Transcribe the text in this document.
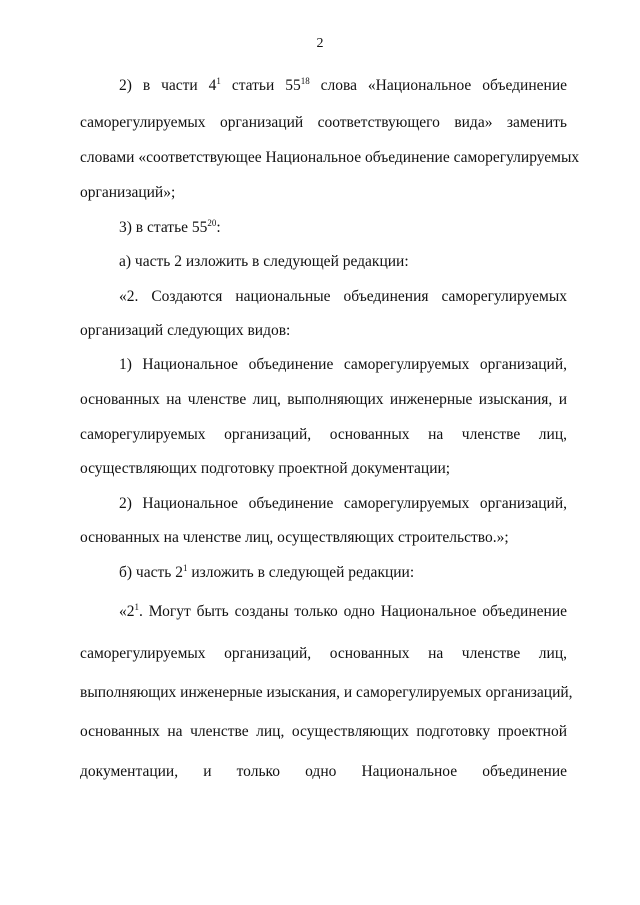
2
2) в части $4^1$ статьи $55^{18}$ слова «Национальное объединение
саморегулируемых организаций соответствующего вида» заменить
словами «соответствующее Национальное объединение саморегулируемых
организаций»;
3) в статье $55^{20}$:
а) часть 2 изложить в следующей редакции:
«2. Создаются национальные объединения саморегулируемых
организаций следующих видов:
1) Национальное объединение саморегулируемых организаций,
основанных на членстве лиц, выполняющих инженерные изыскания, и
саморегулируемых организаций, основанных на членстве лиц,
осуществляющих подготовку проектной документации;
2) Национальное объединение саморегулируемых организаций,
основанных на членстве лиц, осуществляющих строительство.»;
б) часть $2^1$ изложить в следующей редакции:
«$2^1$. Могут быть созданы только одно Национальное объединение
саморегулируемых организаций, основанных на членстве лиц,
выполняющих инженерные изыскания, и саморегулируемых организаций,
основанных на членстве лиц, осуществляющих подготовку проектной
документации, и только одно Национальное объединение
